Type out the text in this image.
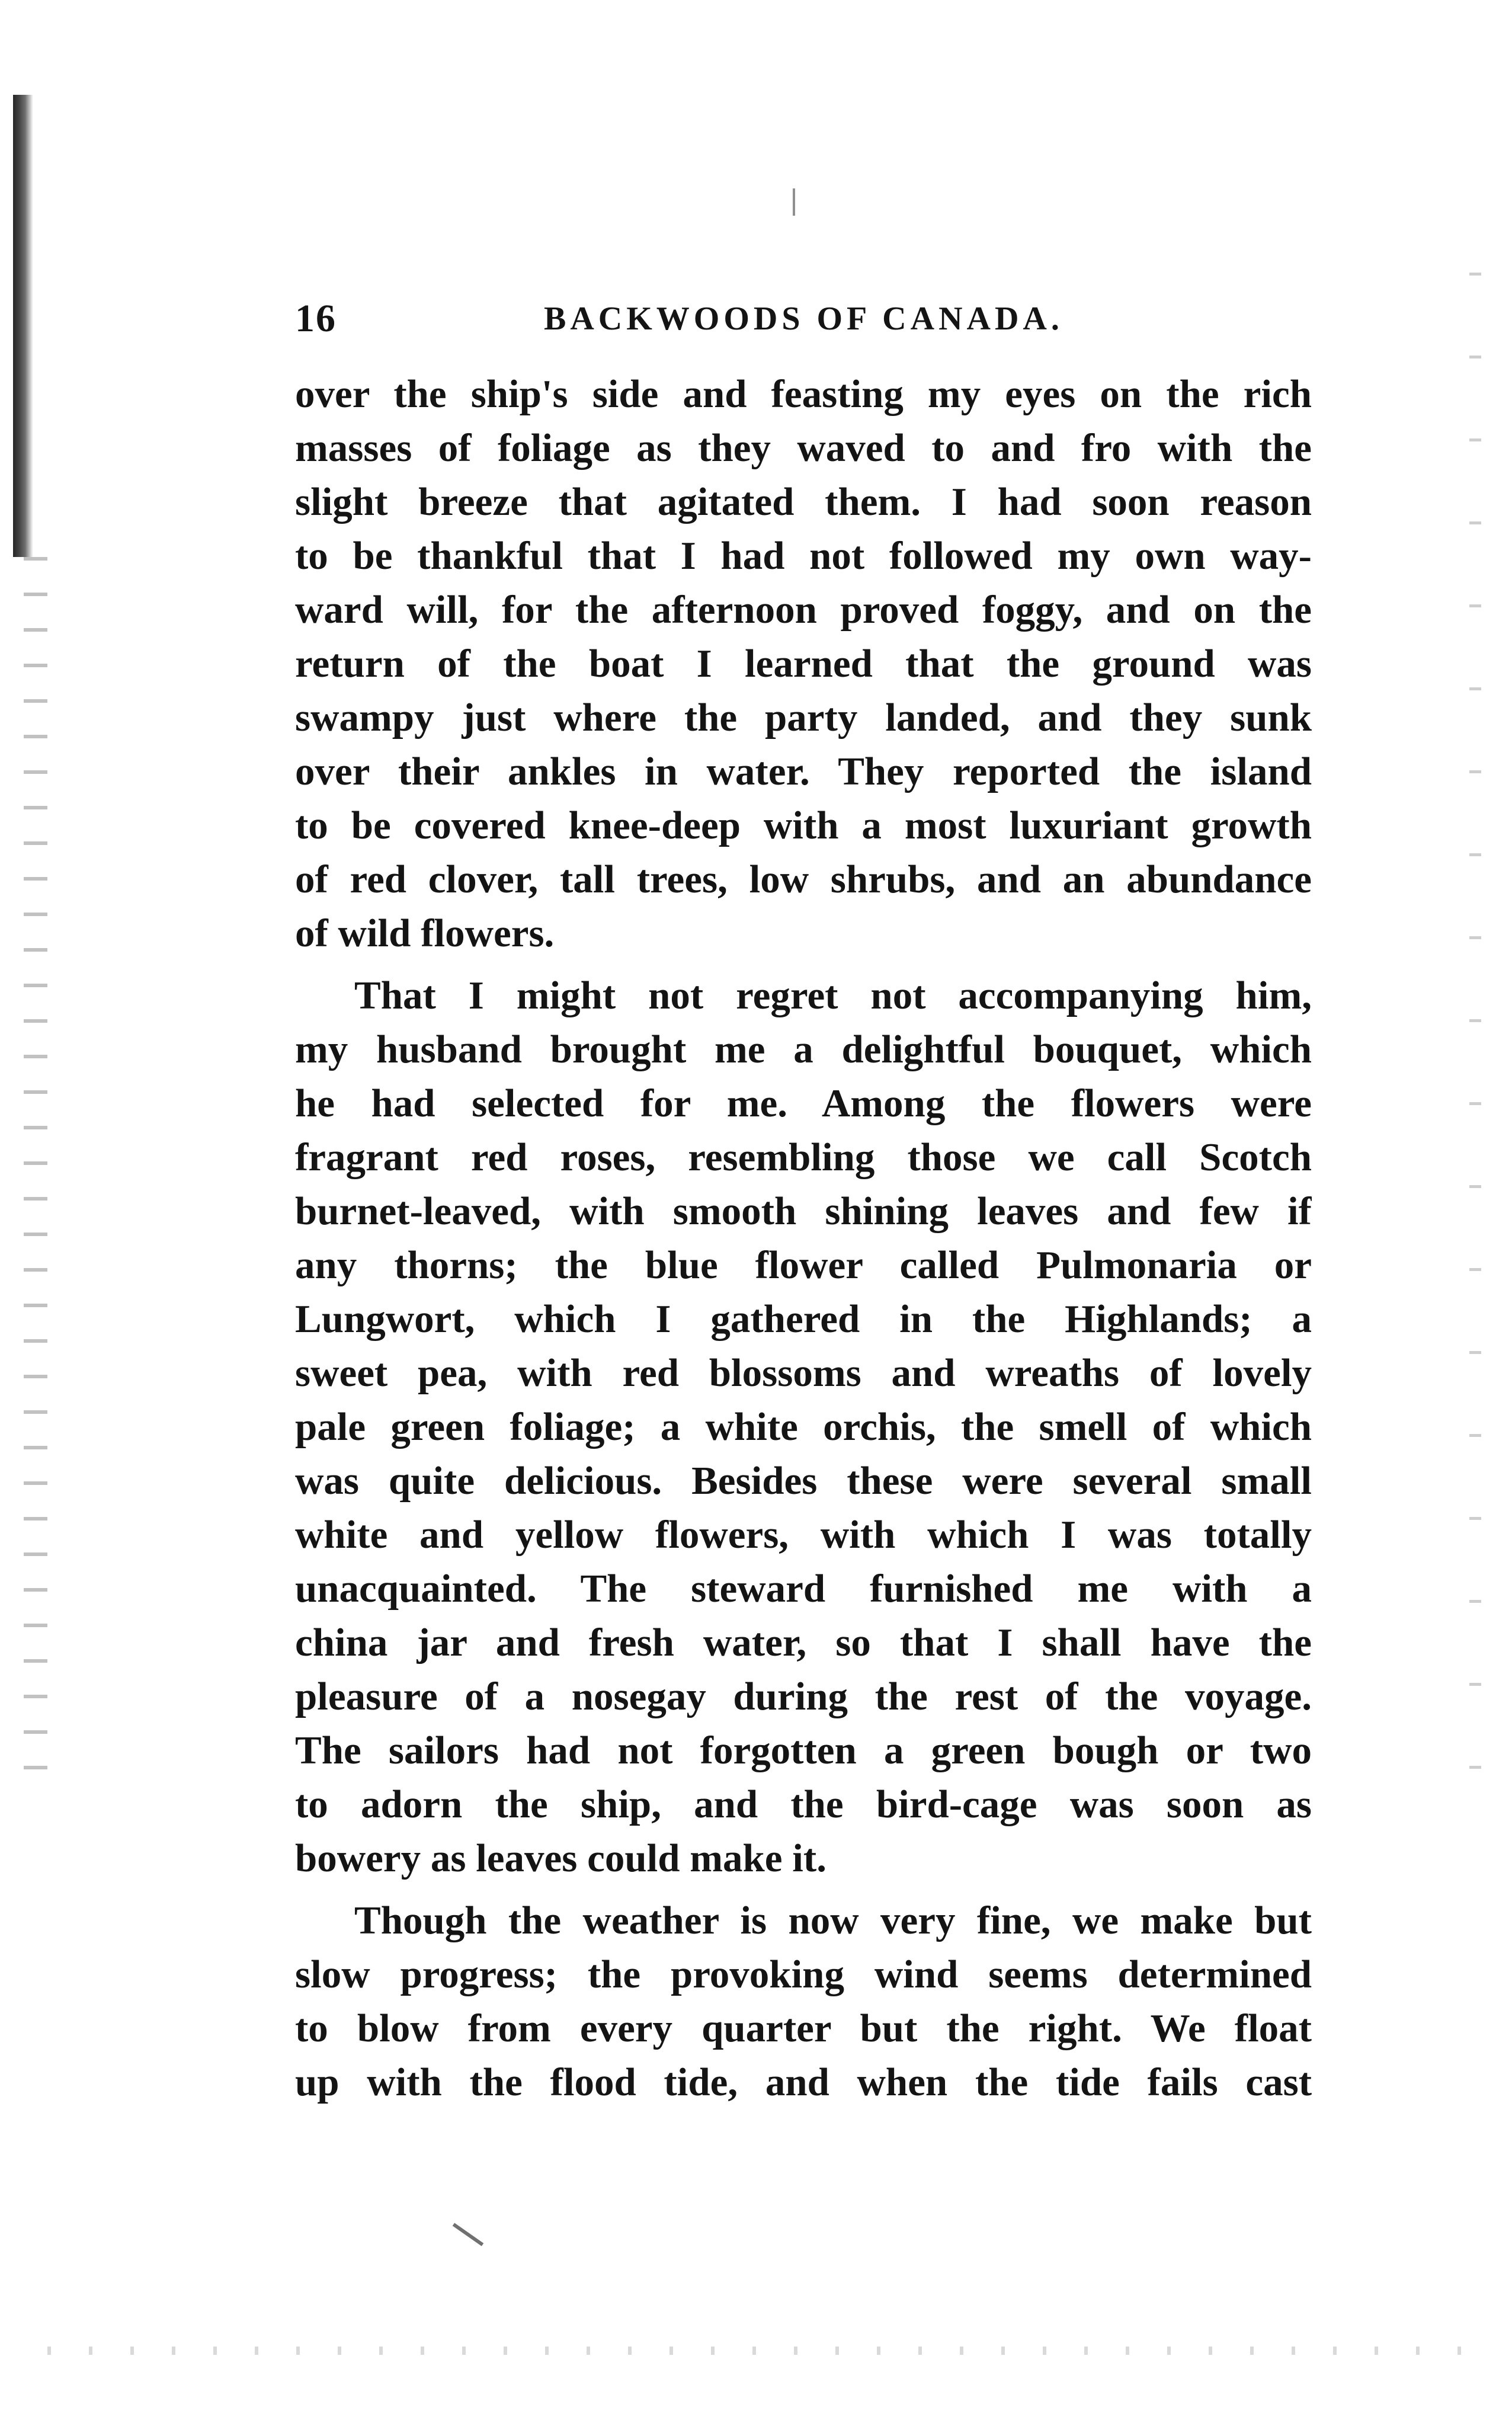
16	BACKWOODS OF CANADA.
over the ship's side and feasting my eyes on the rich
masses of foliage as they waved to and fro with the
slight breeze that agitated them. I had soon reason
to be thankful that I had not followed my own way-
ward will, for the afternoon proved foggy, and on the
return of the boat I learned that the ground was
swampy just where the party landed, and they sunk
over their ankles in water. They reported the island
to be covered knee-deep with a most luxuriant growth
of red clover, tall trees, low shrubs, and an abundance
of wild flowers.
That I might not regret not accompanying him,
my husband brought me a delightful bouquet, which
he had selected for me. Among the flowers were
fragrant red roses, resembling those we call Scotch
burnet-leaved, with smooth shining leaves and few if
any thorns; the blue flower called Pulmonaria or
Lungwort, which I gathered in the Highlands; a
sweet pea, with red blossoms and wreaths of lovely
pale green foliage; a white orchis, the smell of which
was quite delicious. Besides these were several small
white and yellow flowers, with which I was totally
unacquainted. The steward furnished me with a
china jar and fresh water, so that I shall have the
pleasure of a nosegay during the rest of the voyage.
The sailors had not forgotten a green bough or two
to adorn the ship, and the bird-cage was soon as
bowery as leaves could make it.
Though the weather is now very fine, we make but
slow progress; the provoking wind seems determined
to blow from every quarter but the right. We float
up with the flood tide, and when the tide fails cast
